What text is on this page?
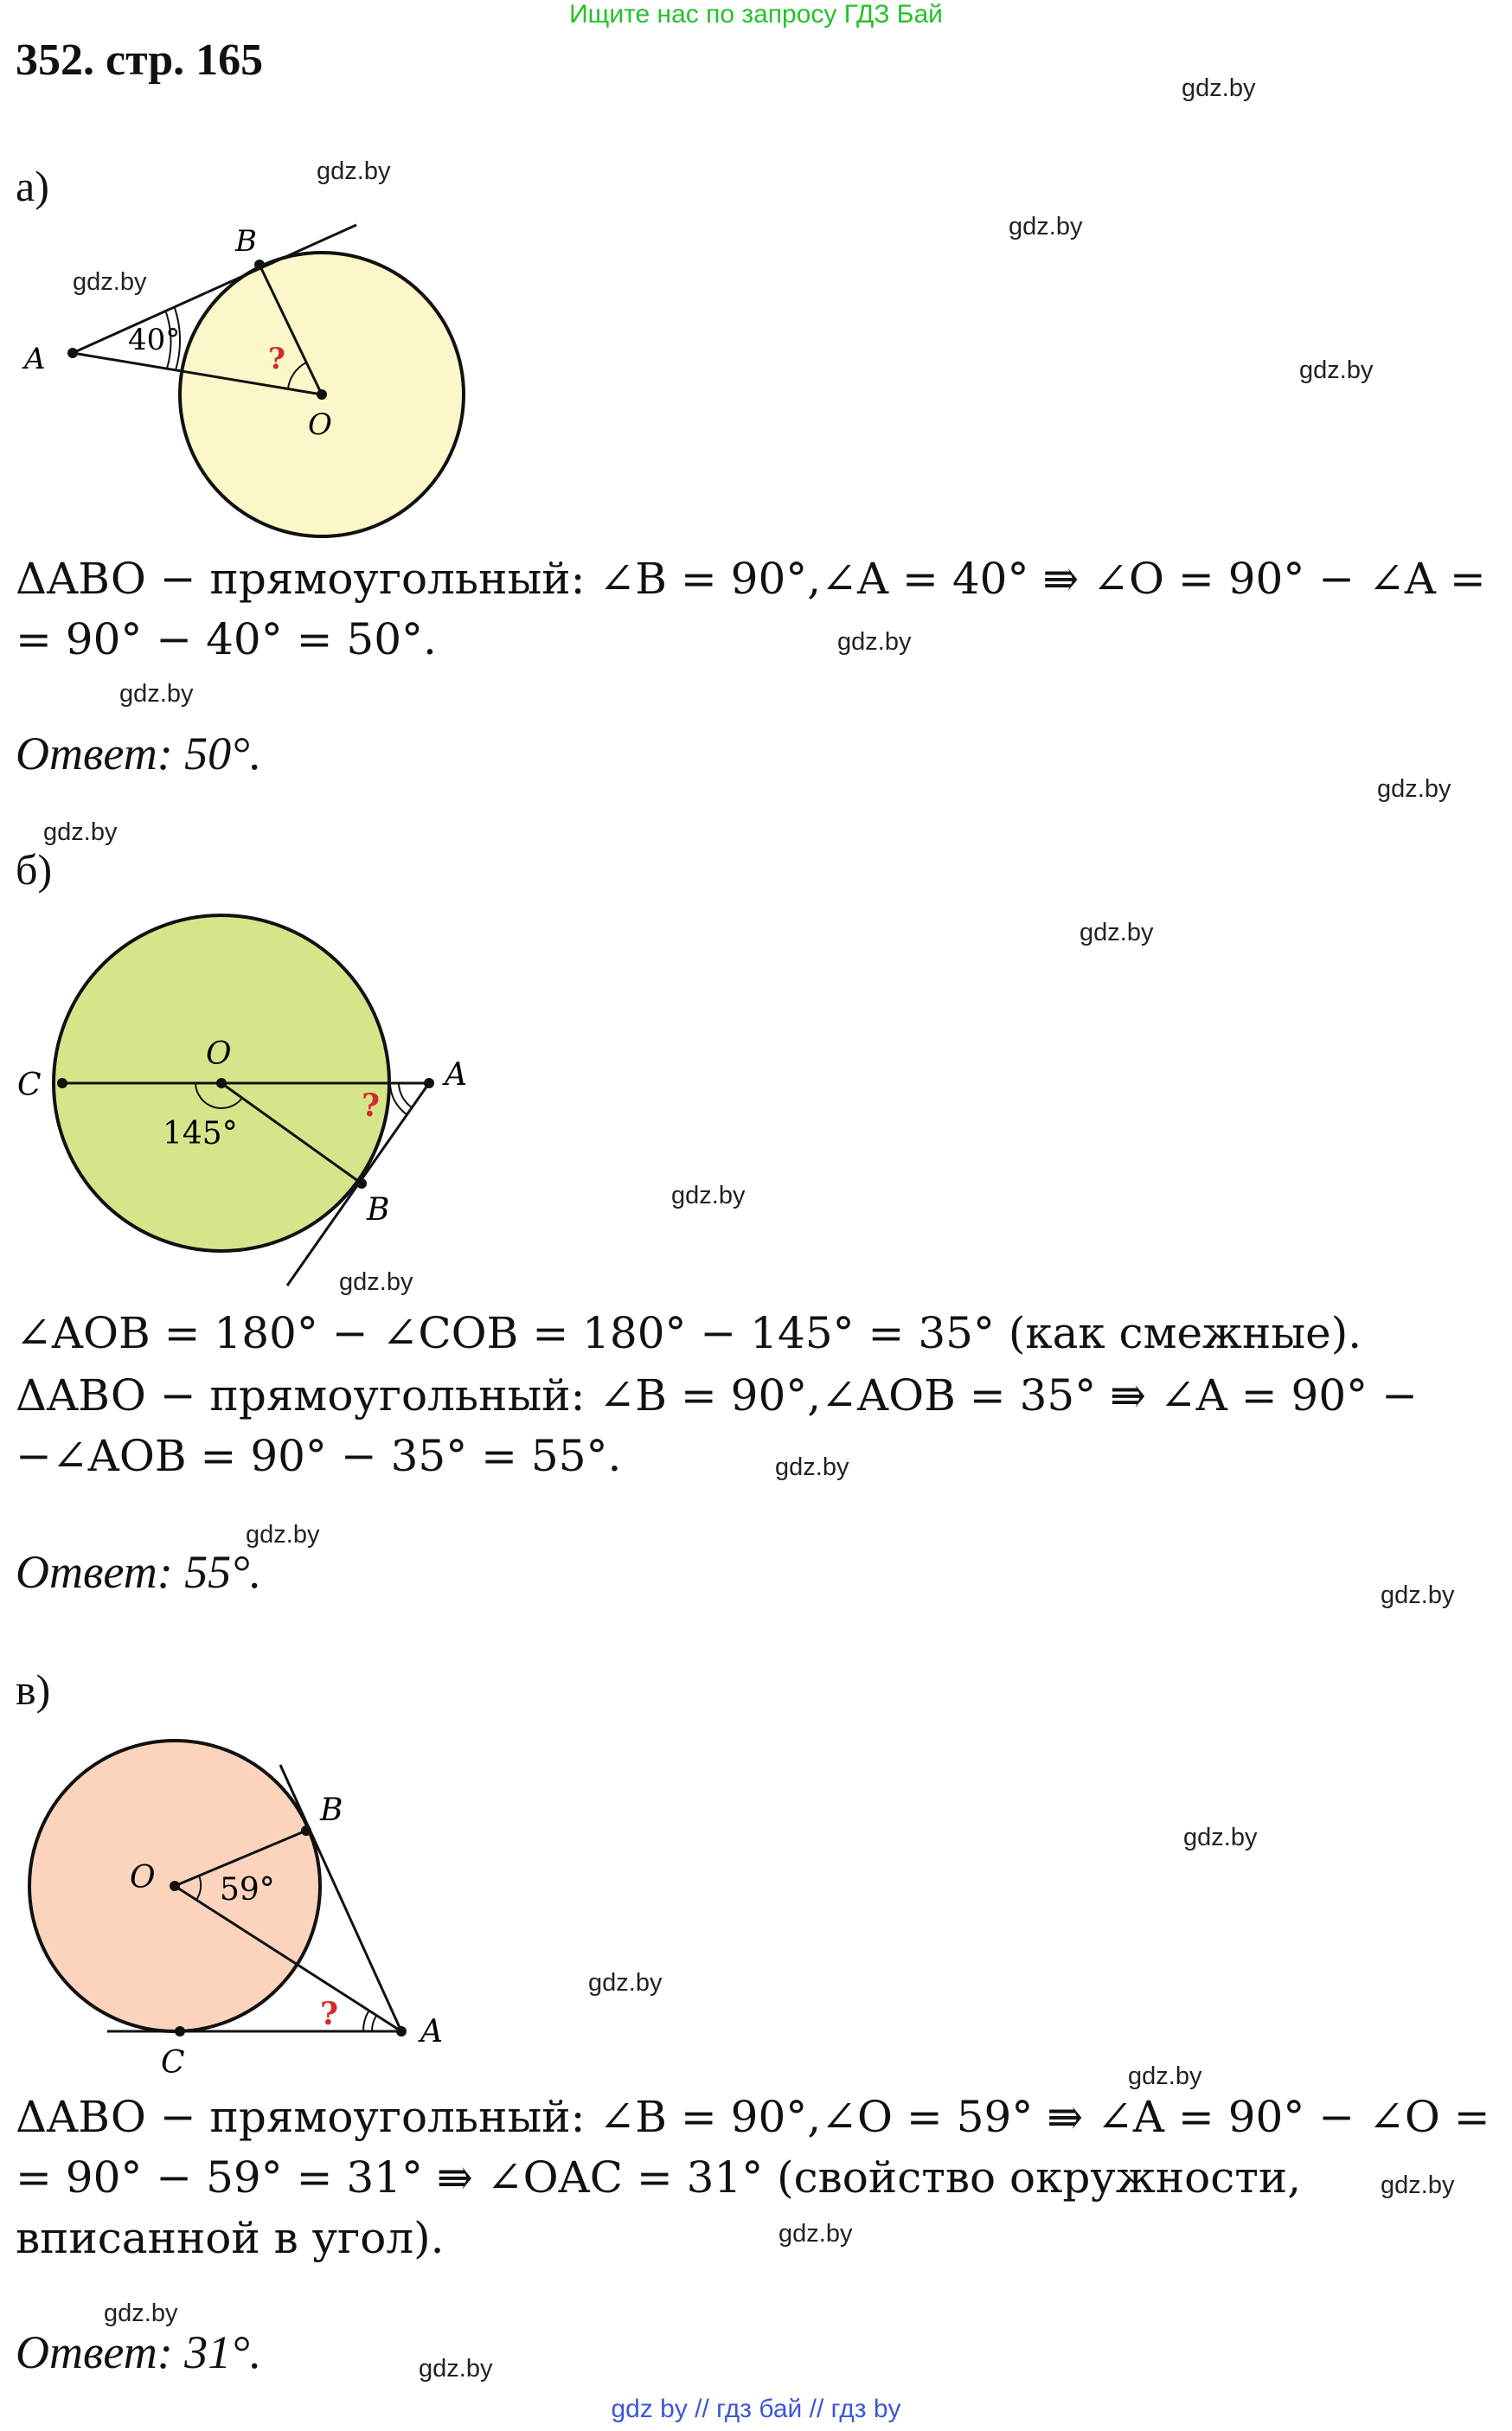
Ищите нас по запросу ГДЗ Бай
352. стр. 165
gdz.by
gdz.by
gdz.by
gdz.by
gdz.by
gdz.by
gdz.by
gdz.by
gdz.by
gdz.by
gdz.by
gdz.by
gdz.by
gdz.by
gdz.by
gdz.by
gdz.by
gdz.by
gdz.by
gdz.by
gdz.by
gdz.by
а)
A
B
O
40°
?
ΔABO − прямоугольный: ∠B = 90°,∠A = 40° ⇛ ∠O = 90° − ∠A =
= 90° − 40° = 50°.
Ответ: 50°.
б)
C
O
A
B
145°
?
∠AOB = 180° − ∠COB = 180° − 145° = 35° (как смежные).
ΔABO − прямоугольный: ∠B = 90°,∠AOB = 35° ⇛ ∠A = 90° −
−∠AOB = 90° − 35° = 55°.
Ответ: 55°.
в)
O
B
A
C
59°
?
ΔABO − прямоугольный: ∠B = 90°,∠O = 59° ⇛ ∠A = 90° − ∠O =
= 90° − 59° = 31° ⇛ ∠OAC = 31° (свойство окружности,
вписанной в угол).
Ответ: 31°.
gdz by // гдз бай // гдз by
